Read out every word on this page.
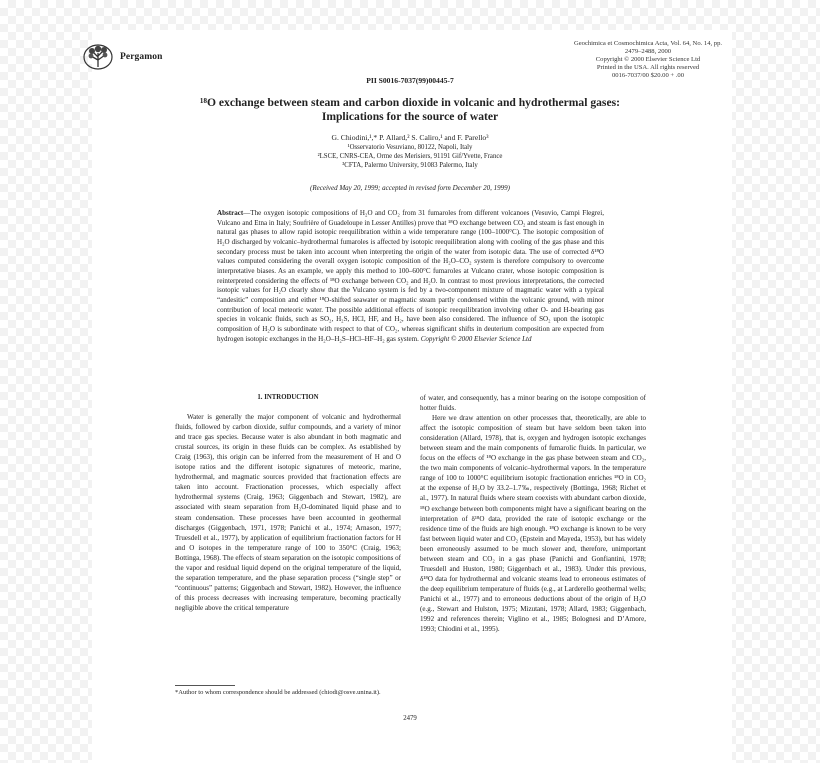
Pergamon
Geochimica et Cosmochimica Acta, Vol. 64, No. 14, pp. 2479–2488, 2000
Copyright © 2000 Elsevier Science Ltd
Printed in the USA. All rights reserved
0016-7037/00 $20.00 + .00
PII S0016-7037(99)00445-7
¹⁸O exchange between steam and carbon dioxide in volcanic and hydrothermal gases:
Implications for the source of water
G. Chiodini,¹,* P. Allard,² S. Caliro,¹ and F. Parello³
¹Osservatorio Vesuviano, 80122, Napoli, Italy
²LSCE, CNRS-CEA, Orme des Merisiers, 91191 Gif/Yvette, France
³CFTA, Palermo University, 91083 Palermo, Italy
(Received May 20, 1999; accepted in revised form December 20, 1999)
Abstract—The oxygen isotopic compositions of H₂O and CO₂ from 31 fumaroles from different volcanoes (Vesuvio, Campi Flegrei, Vulcano and Etna in Italy; Soufrière of Guadeloupe in Lesser Antilles) prove that ¹⁸O exchange between CO₂ and steam is fast enough in natural gas phases to allow rapid isotopic reequilibration within a wide temperature range (100–1000°C). The isotopic composition of H₂O discharged by volcanic–hydrothermal fumaroles is affected by isotopic reequilibration along with cooling of the gas phase and this secondary process must be taken into account when interpreting the origin of the water from isotopic data. The use of corrected δ¹⁸O values computed considering the overall oxygen isotopic composition of the H₂O–CO₂ system is therefore compulsory to overcome interpretative biases. As an example, we apply this method to 100–600°C fumaroles at Vulcano crater, whose isotopic composition is reinterpreted considering the effects of ¹⁸O exchange between CO₂ and H₂O. In contrast to most previous interpretations, the corrected isotopic values for H₂O clearly show that the Vulcano system is fed by a two-component mixture of magmatic water with a typical “andesitic” composition and either ¹⁸O-shifted seawater or magmatic steam partly condensed within the volcanic ground, with minor contribution of local meteoric water. The possible additional effects of isotopic reequilibration involving other O- and H-bearing gas species in volcanic fluids, such as SO₂, H₂S, HCl, HF, and H₂, have been also considered. The influence of SO₂ upon the isotopic composition of H₂O is subordinate with respect to that of CO₂, whereas significant shifts in deuterium composition are expected from hydrogen isotopic exchanges in the H₂O–H₂S–HCl–HF–H₂ gas system. Copyright © 2000 Elsevier Science Ltd
1. INTRODUCTION

Water is generally the major component of volcanic and hydrothermal fluids, followed by carbon dioxide, sulfur compounds, and a variety of minor and trace gas species. Because water is also abundant in both magmatic and crustal sources, its origin in these fluids can be complex. As established by Craig (1963), this origin can be inferred from the measurement of H and O isotope ratios and the different isotopic signatures of meteoric, marine, hydrothermal, and magmatic sources provided that fractionation effects are taken into account. Fractionation processes, which especially affect hydrothermal systems (Craig, 1963; Giggenbach and Stewart, 1982), are associated with steam separation from H₂O-dominated liquid phase and to steam condensation. These processes have been accounted in geothermal discharges (Giggenbach, 1971, 1978; Panichi et al., 1974; Arnason, 1977; Truesdell et al., 1977), by application of equilibrium fractionation factors for H and O isotopes in the temperature range of 100 to 350°C (Craig, 1963; Bottinga, 1968). The effects of steam separation on the isotopic compositions of the vapor and residual liquid depend on the original temperature of the liquid, the separation temperature, and the phase separation process (“single step” or “continuous” patterns; Giggenbach and Stewart, 1982). However, the influence of this process decreases with increasing temperature, becoming practically negligible above the critical temperature

of water, and consequently, has a minor bearing on the isotope composition of hotter fluids.

Here we draw attention on other processes that, theoretically, are able to affect the isotopic composition of steam but have seldom been taken into consideration (Allard, 1978), that is, oxygen and hydrogen isotopic exchanges between steam and the main components of fumarolic fluids. In particular, we focus on the effects of ¹⁸O exchange in the gas phase between steam and CO₂, the two main components of volcanic–hydrothermal vapors. In the temperature range of 100 to 1000°C equilibrium isotopic fractionation enriches ¹⁸O in CO₂ at the expense of H₂O by 33.2–1.7‰, respectively (Bottinga, 1968; Richet et al., 1977). In natural fluids where steam coexists with abundant carbon dioxide, ¹⁸O exchange between both components might have a significant bearing on the interpretation of δ¹⁸O data, provided the rate of isotopic exchange or the residence time of the fluids are high enough. ¹⁸O exchange is known to be very fast between liquid water and CO₂ (Epstein and Mayeda, 1953), but has widely been erroneously assumed to be much slower and, therefore, unimportant between steam and CO₂ in a gas phase (Panichi and Gonfiantini, 1978; Truesdell and Huston, 1980; Giggenbach et al., 1983). Under this previous, δ¹⁸O data for hydrothermal and volcanic steams lead to erroneous estimates of the deep equilibrium temperature of fluids (e.g., at Larderello geothermal wells; Panichi et al., 1977) and to erroneous deductions about of the origin of H₂O (e.g., Stewart and Hulston, 1975; Mizutani, 1978; Allard, 1983; Giggenbach, 1992 and references therein; Viglino et al., 1985; Bolognesi and D’Amore, 1993; Chiodini et al., 1995).

*Author to whom correspondence should be addressed (chiodi@osve.unina.it).
2479
